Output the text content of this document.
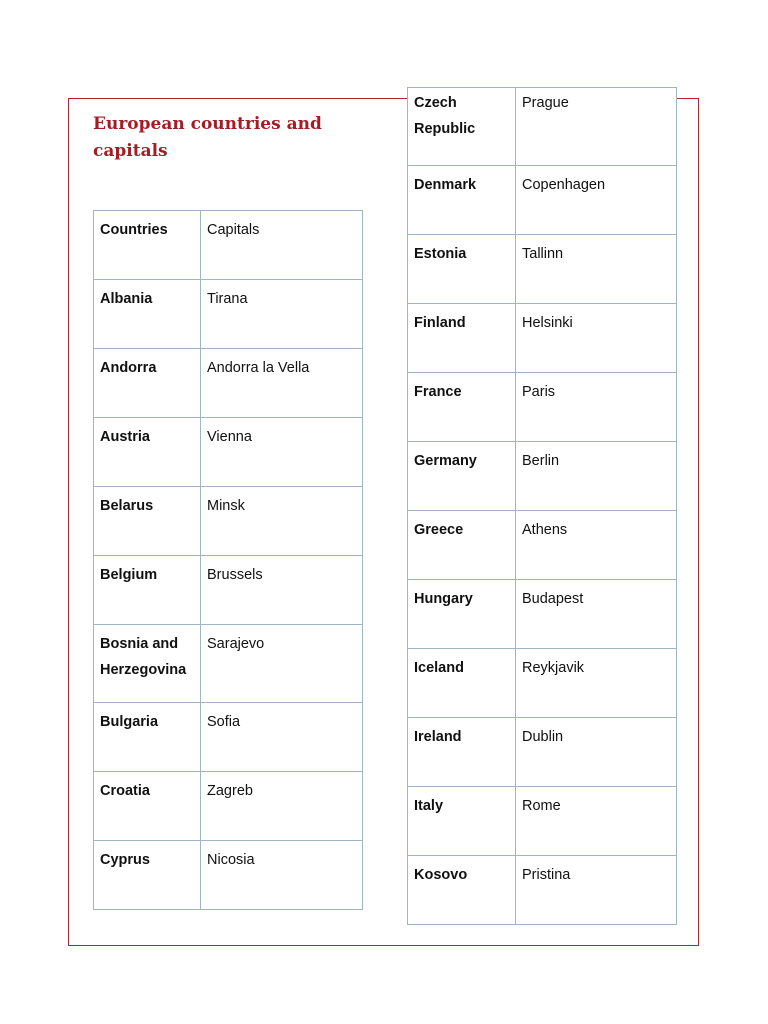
European countries and capitals
Countries	Capitals
Albania	Tirana
Andorra	Andorra la Vella
Austria	Vienna
Belarus	Minsk
Belgium	Brussels
Bosnia and Herzegovina	Sarajevo
Bulgaria	Sofia
Croatia	Zagreb
Cyprus	Nicosia
Czech Republic	Prague
Denmark	Copenhagen
Estonia	Tallinn
Finland	Helsinki
France	Paris
Germany	Berlin
Greece	Athens
Hungary	Budapest
Iceland	Reykjavik
Ireland	Dublin
Italy	Rome
Kosovo	Pristina
